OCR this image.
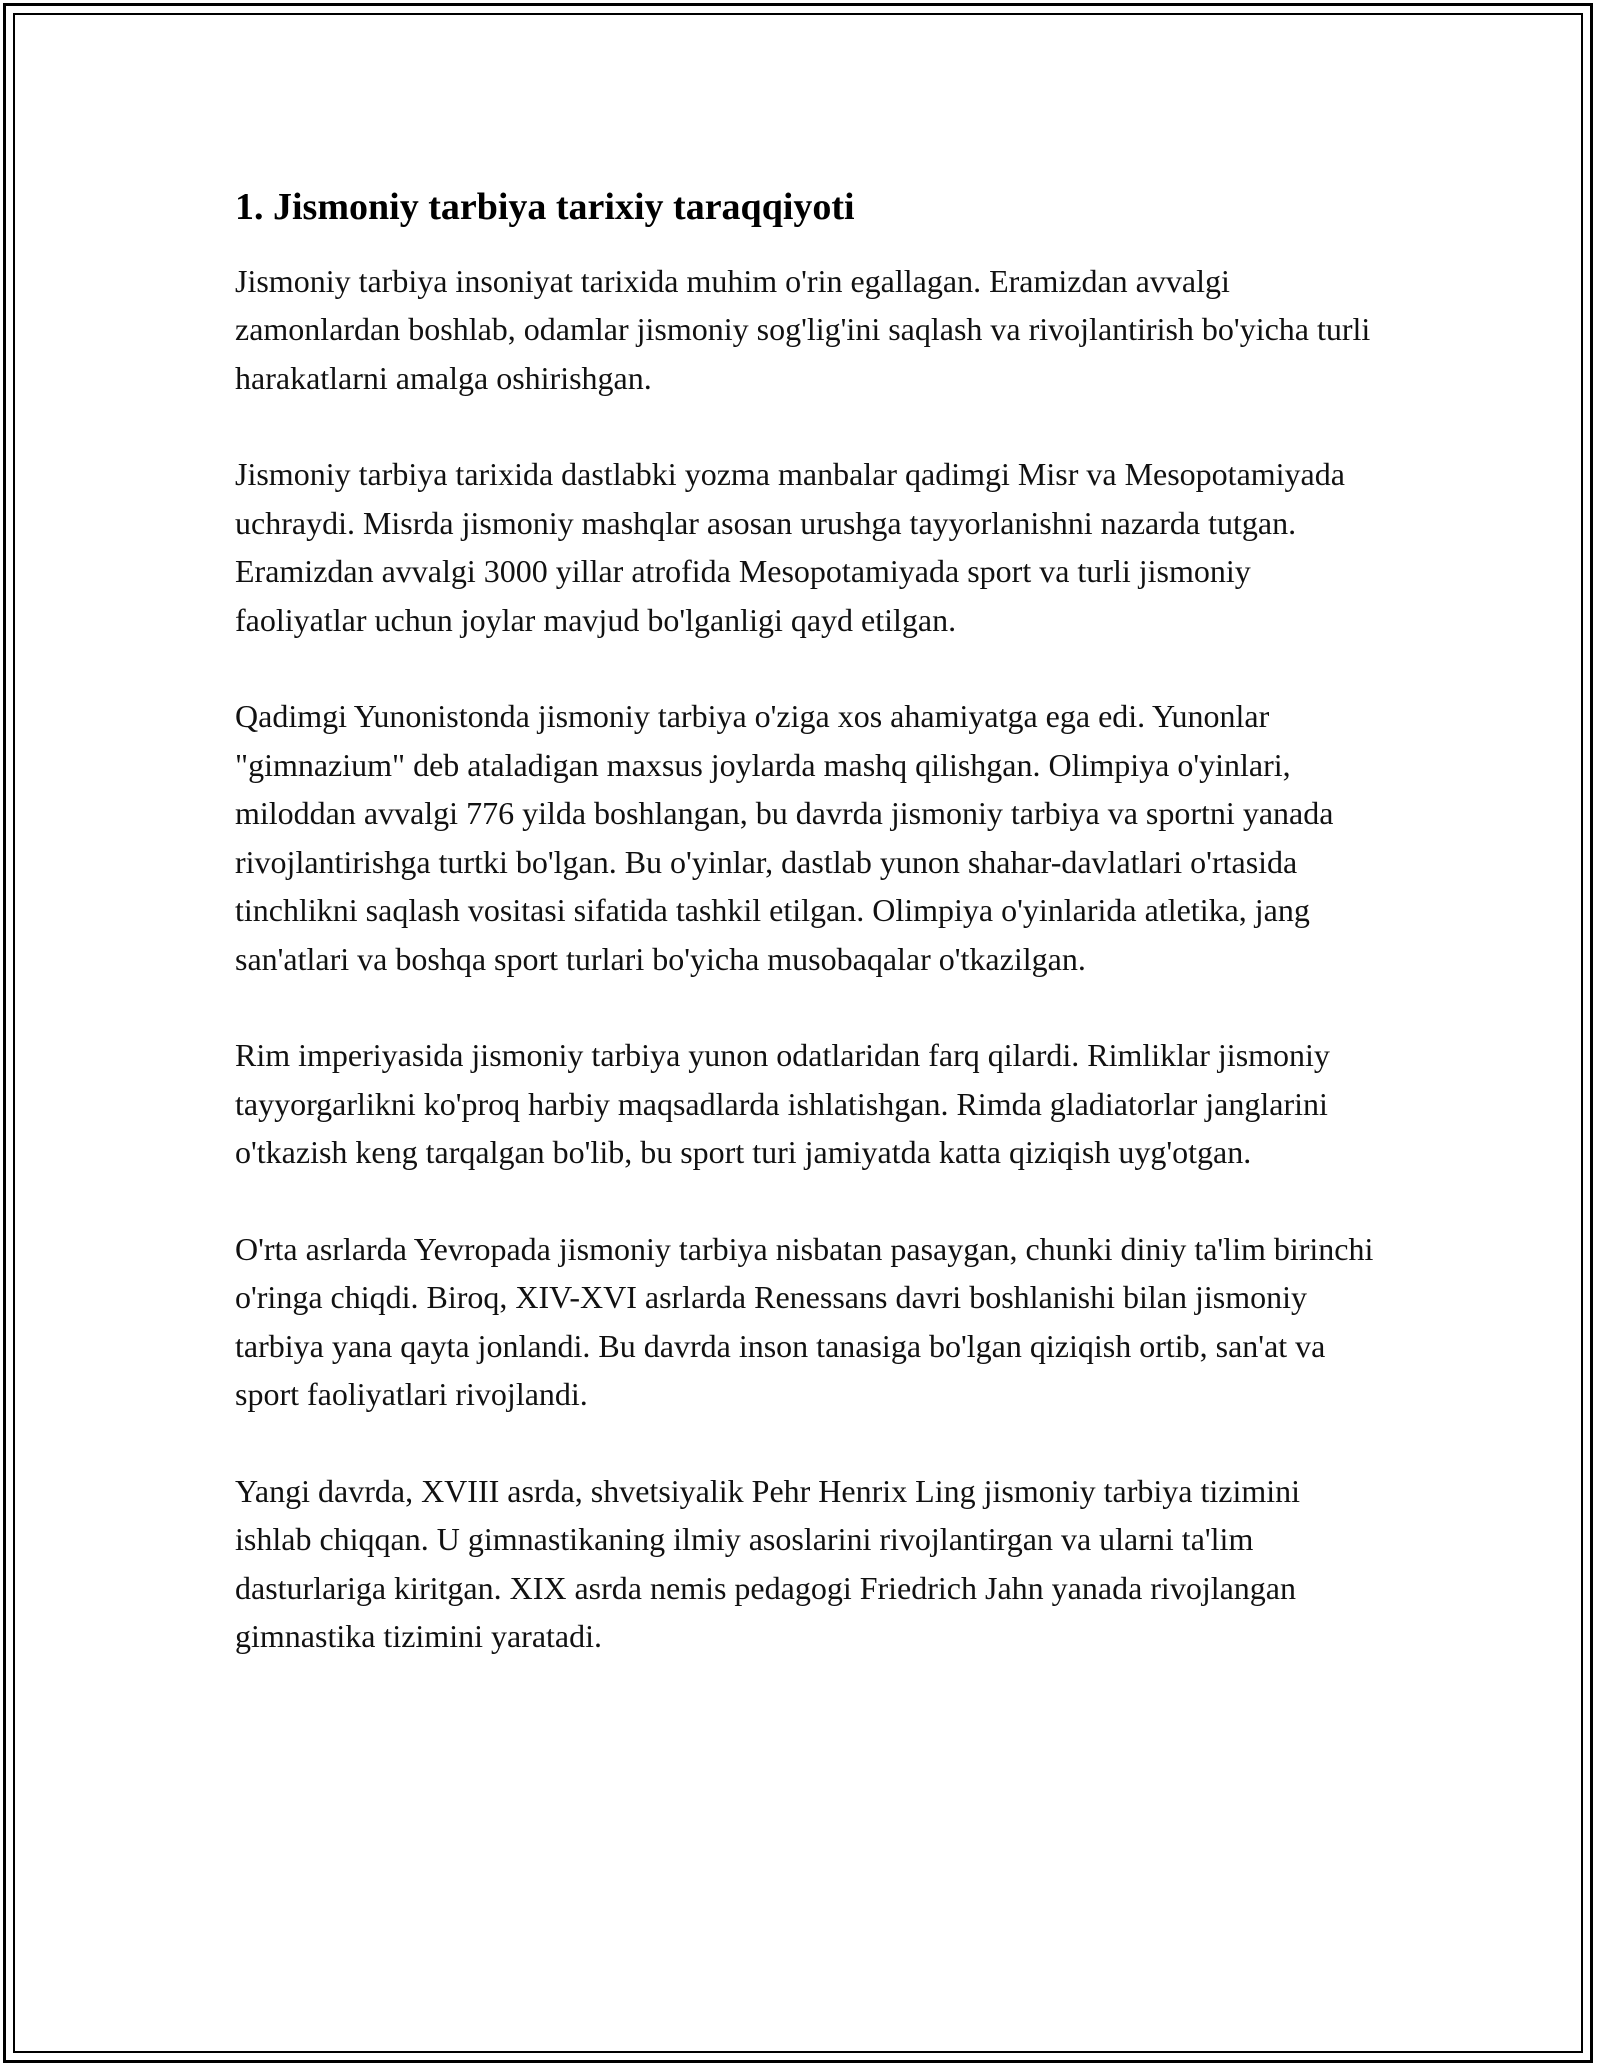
1. Jismoniy tarbiya tarixiy taraqqiyoti

Jismoniy tarbiya insoniyat tarixida muhim o'rin egallagan. Eramizdan avvalgi zamonlardan boshlab, odamlar jismoniy sog'lig'ini saqlash va rivojlantirish bo'yicha turli harakatlarni amalga oshirishgan.

Jismoniy tarbiya tarixida dastlabki yozma manbalar qadimgi Misr va Mesopotamiyada uchraydi. Misrda jismoniy mashqlar asosan urushga tayyorlanishni nazarda tutgan. Eramizdan avvalgi 3000 yillar atrofida Mesopotamiyada sport va turli jismoniy faoliyatlar uchun joylar mavjud bo'lganligi qayd etilgan.

Qadimgi Yunonistonda jismoniy tarbiya o'ziga xos ahamiyatga ega edi. Yunonlar "gimnazium" deb ataladigan maxsus joylarda mashq qilishgan. Olimpiya o'yinlari, miloddan avvalgi 776 yilda boshlangan, bu davrda jismoniy tarbiya va sportni yanada rivojlantirishga turtki bo'lgan. Bu o'yinlar, dastlab yunon shahar-davlatlari o'rtasida tinchlikni saqlash vositasi sifatida tashkil etilgan. Olimpiya o'yinlarida atletika, jang san'atlari va boshqa sport turlari bo'yicha musobaqalar o'tkazilgan.

Rim imperiyasida jismoniy tarbiya yunon odatlaridan farq qilardi. Rimliklar jismoniy tayyorgarlikni ko'proq harbiy maqsadlarda ishlatishgan. Rimda gladiatorlar janglarini o'tkazish keng tarqalgan bo'lib, bu sport turi jamiyatda katta qiziqish uyg'otgan.

O'rta asrlarda Yevropada jismoniy tarbiya nisbatan pasaygan, chunki diniy ta'lim birinchi o'ringa chiqdi. Biroq, XIV-XVI asrlarda Renessans davri boshlanishi bilan jismoniy tarbiya yana qayta jonlandi. Bu davrda inson tanasiga bo'lgan qiziqish ortib, san'at va sport faoliyatlari rivojlandi.

Yangi davrda, XVIII asrda, shvetsiyalik Pehr Henrix Ling jismoniy tarbiya tizimini ishlab chiqqan. U gimnastikaning ilmiy asoslarini rivojlantirgan va ularni ta'lim dasturlariga kiritgan. XIX asrda nemis pedagogi Friedrich Jahn yanada rivojlangan gimnastika tizimini yaratadi.
